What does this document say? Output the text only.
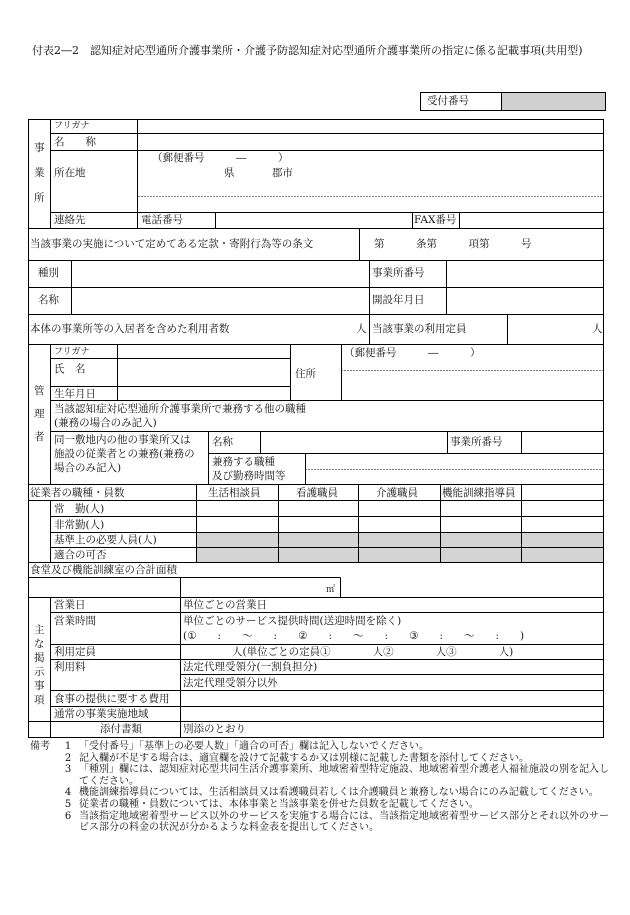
付表2―2　認知症対応型通所介護事業所・介護予防認知症対応型通所介護事業所の指定に係る記載事項(共用型)
受付番号
事
業
所
フリガナ
名　　称
所在地
（郵便番号　　　―　　　）
県	郡市
連絡先	電話番号	FAX番号
当該事業の実施について定めてある定款・寄附行為等の条文	第　　　条第　　　項第　　　号
種別	事業所番号
名称	開設年月日
本体の事業所等の入居者を含めた利用者数	人 当該事業の利用定員	人
管
理
者
フリガナ
氏　名	住所
（郵便番号　　　―　　　）
生年月日
当該認知症対応型通所介護事業所で兼務する他の職種
(兼務の場合のみ記入)
同一敷地内の他の事業所又は
施設の従業者との兼務(兼務の
場合のみ記入)
名称	事業所番号
兼務する職種
及び勤務時間等
従業者の職種・員数	生活相談員	看護職員	介護職員 機能訓練指導員
常　勤(人)
非常勤(人)
基準上の必要人員(人)
適合の可否
食堂及び機能訓練室の合計面積
㎡
主
な
掲
示
事
項
営業日	単位ごとの営業日
営業時間	単位ごとのサービス提供時間(送迎時間を除く)
(①　　:　　～　　:　　②　　:　　～　　:　　③　　:　　～　　:　　)
利用定員	人(単位ごとの定員①　　　　人②　　　　人③　　　　人)
利用料	法定代理受領分(一割負担分)
法定代理受領分以外
食事の提供に要する費用
通常の事業実施地域
添付書類	別添のとおり
備考	1 「受付番号」「基準上の必要人数」「適合の可否」欄は記入しないでください。
2 記入欄が不足する場合は、適宜欄を設けて記載するか又は別様に記載した書類を添付してください。
3 「種別」欄には、認知症対応型共同生活介護事業所、地域密着型特定施設、地域密着型介護老人福祉施設の別を記入してください。
4 機能訓練指導員については、生活相談員又は看護職員若しくは介護職員と兼務しない場合にのみ記載してください。
5 従業者の職種・員数については、本体事業と当該事業を併せた員数を記載してください。
6 当該指定地域密着型サービス以外のサービスを実施する場合には、当該指定地域密着型サービス部分とそれ以外のサービス部分の料金の状況が分かるような料金表を提出してください。
